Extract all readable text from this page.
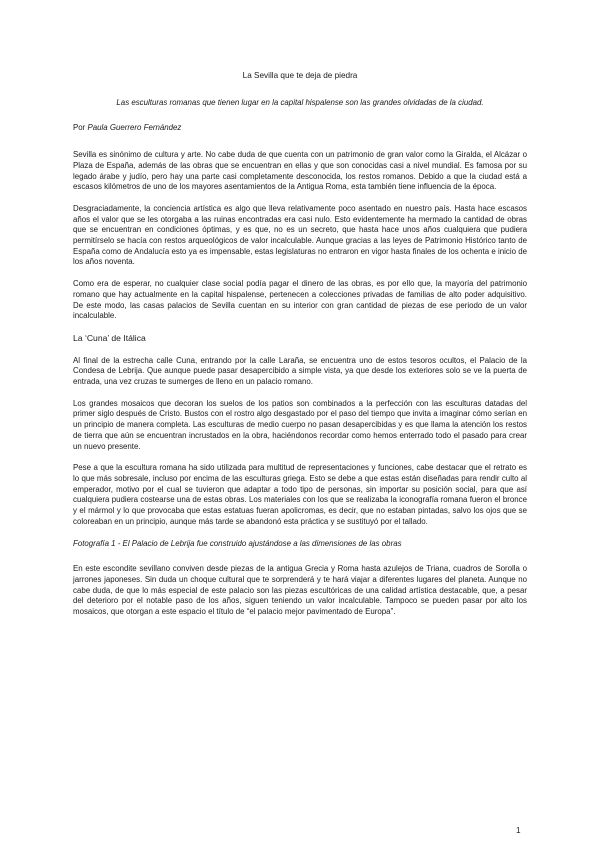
La Sevilla que te deja de piedra
Las esculturas romanas que tienen lugar en la capital hispalense son las grandes olvidadas de la ciudad.
Por Paula Guerrero Fernández

Sevilla es sinónimo de cultura y arte. No cabe duda de que cuenta con un patrimonio de gran valor como la Giralda, el Alcázar o Plaza de España, además de las obras que se encuentran en ellas y que son conocidas casi a nivel mundial. Es famosa por su legado árabe y judío, pero hay una parte casi completamente desconocida, los restos romanos. Debido a que la ciudad está a escasos kilómetros de uno de los mayores asentamientos de la Antigua Roma, esta también tiene influencia de la época.

Desgraciadamente, la conciencia artística es algo que lleva relativamente poco asentado en nuestro país. Hasta hace escasos años el valor que se les otorgaba a las ruinas encontradas era casi nulo. Esto evidentemente ha mermado la cantidad de obras que se encuentran en condiciones óptimas, y es que, no es un secreto, que hasta hace unos años cualquiera que pudiera permitírselo se hacía con restos arqueológicos de valor incalculable. Aunque gracias a las leyes de Patrimonio Histórico tanto de España como de Andalucía esto ya es impensable, estas legislaturas no entraron en vigor hasta finales de los ochenta e inicio de los años noventa.

Como era de esperar, no cualquier clase social podía pagar el dinero de las obras, es por ello que, la mayoría del patrimonio romano que hay actualmente en la capital hispalense, pertenecen a colecciones privadas de familias de alto poder adquisitivo. De este modo, las casas palacios de Sevilla cuentan en su interior con gran cantidad de piezas de ese periodo de un valor incalculable.

La ‘Cuna’ de Itálica

Al final de la estrecha calle Cuna, entrando por la calle Laraña, se encuentra uno de estos tesoros ocultos, el Palacio de la Condesa de Lebrija. Que aunque puede pasar desapercibido a simple vista, ya que desde los exteriores solo se ve la puerta de entrada, una vez cruzas te sumerges de lleno en un palacio romano.

Los grandes mosaicos que decoran los suelos de los patios son combinados a la perfección con las esculturas datadas del primer siglo después de Cristo. Bustos con el rostro algo desgastado por el paso del tiempo que invita a imaginar cómo serían en un principio de manera completa. Las esculturas de medio cuerpo no pasan desapercibidas y es que llama la atención los restos de tierra que aún se encuentran incrustados en la obra, haciéndonos recordar como hemos enterrado todo el pasado para crear un nuevo presente.

Pese a que la escultura romana ha sido utilizada para multitud de representaciones y funciones, cabe destacar que el retrato es lo que más sobresale, incluso por encima de las esculturas griega. Esto se debe a que estas están diseñadas para rendir culto al emperador, motivo por el cual se tuvieron que adaptar a todo tipo de personas, sin importar su posición social, para que así cualquiera pudiera costearse una de estas obras. Los materiales con los que se realizaba la iconografía romana fueron el bronce y el mármol y lo que provocaba que estas estatuas fueran apolicromas, es decir, que no estaban pintadas, salvo los ojos que se coloreaban en un principio, aunque más tarde se abandonó esta práctica y se sustituyó por el tallado.

Fotografía 1 - El Palacio de Lebrija fue construido ajustándose a las dimensiones de las obras

En este escondite sevillano conviven desde piezas de la antigua Grecia y Roma hasta azulejos de Triana, cuadros de Sorolla o jarrones japoneses. Sin duda un choque cultural que te sorprenderá y te hará viajar a diferentes lugares del planeta. Aunque no cabe duda, de que lo más especial de este palacio son las piezas escultóricas de una calidad artística destacable, que, a pesar del deterioro por el notable paso de los años, siguen teniendo un valor incalculable. Tampoco se pueden pasar por alto los mosaicos, que otorgan a este espacio el título de “el palacio mejor pavimentado de Europa”.

1
